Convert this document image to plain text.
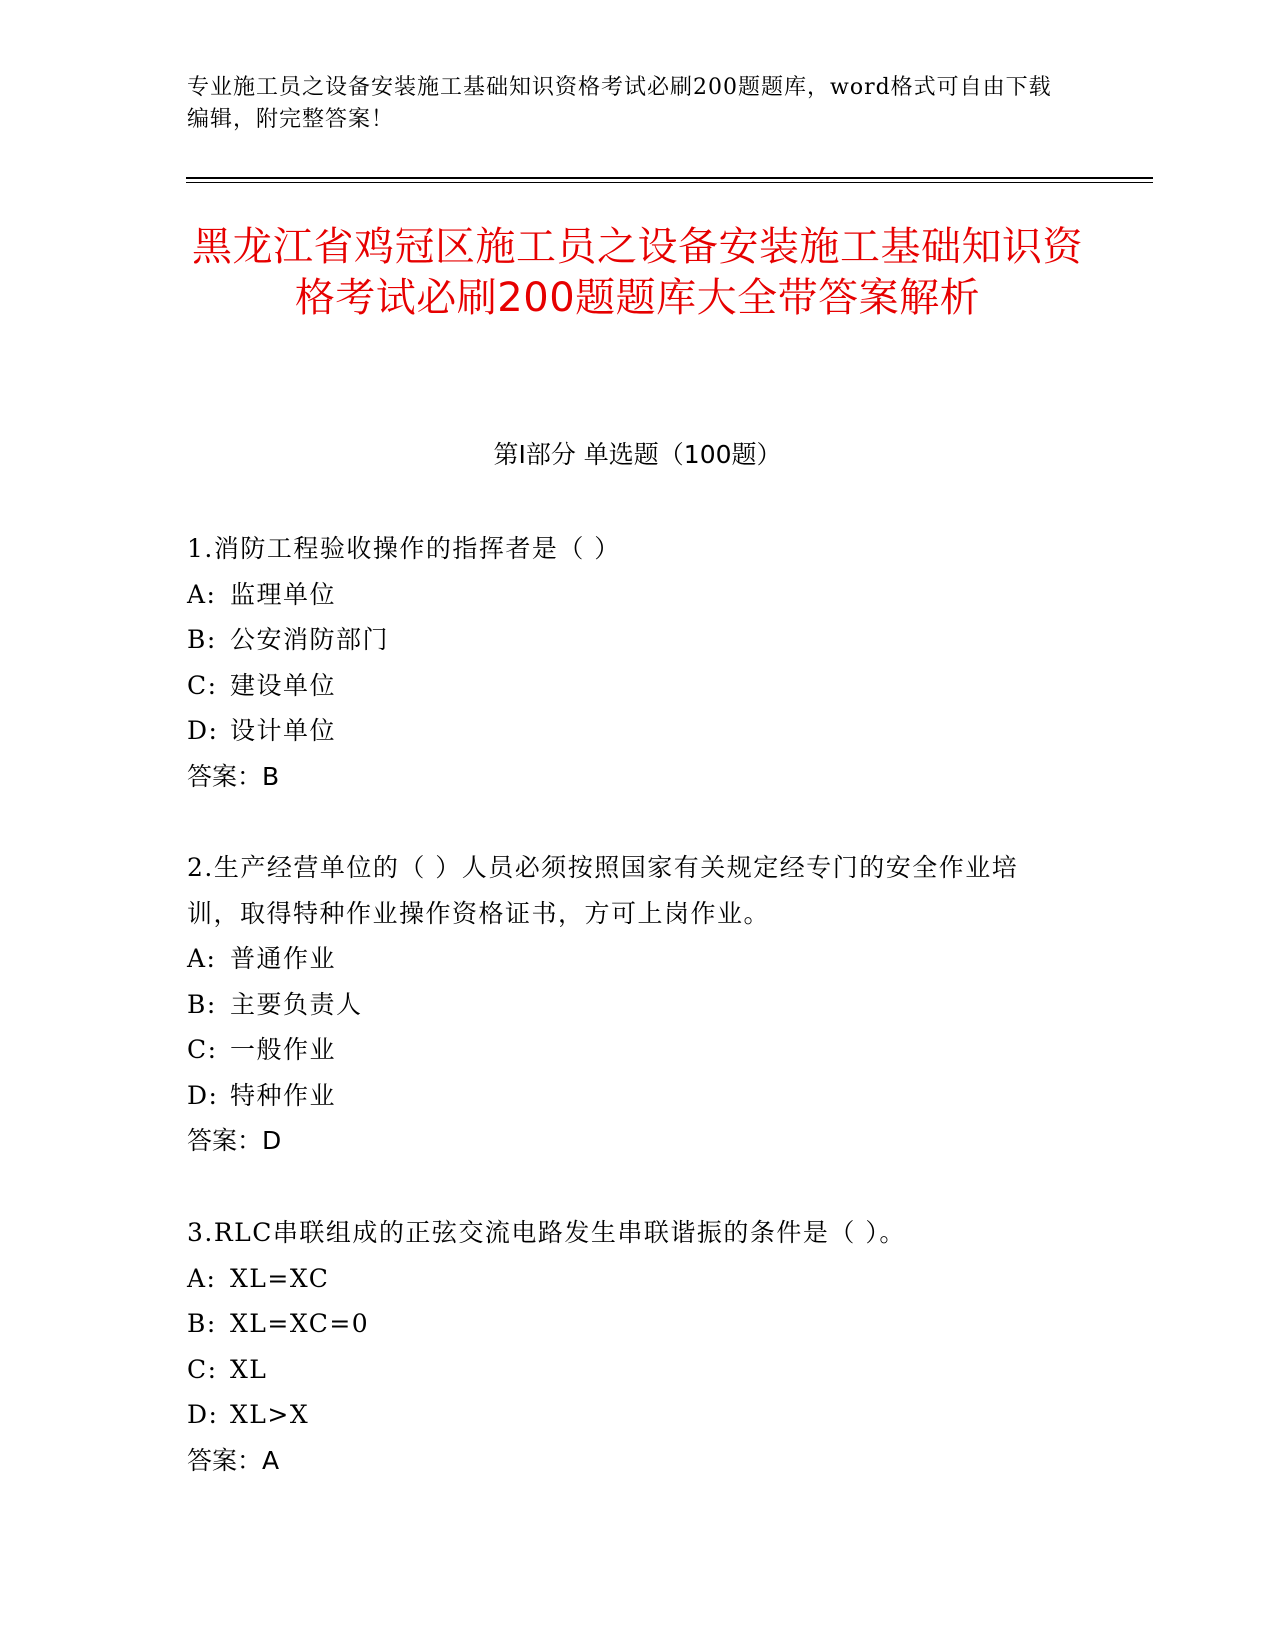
专业施工员之设备安装施工基础知识资格考试必刷200题题库，word格式可自由下载编辑，附完整答案！
黑龙江省鸡冠区施工员之设备安装施工基础知识资格考试必刷200题题库大全带答案解析
第I部分 单选题（100题）

1.消防工程验收操作的指挥者是（ ）

A: 监理单位
B: 公安消防部门
C: 建设单位
D: 设计单位

答案：B

2.生产经营单位的（ ）人员必须按照国家有关规定经专门的安全作业培训，取得特种作业操作资格证书，方可上岗作业。

A: 普通作业
B: 主要负责人
C: 一般作业
D: 特种作业

答案：D

3.RLC串联组成的正弦交流电路发生串联谐振的条件是（ ）。

A: XL=XC
B: XL=XC=0
C: XL
D: XL>X

答案：A
